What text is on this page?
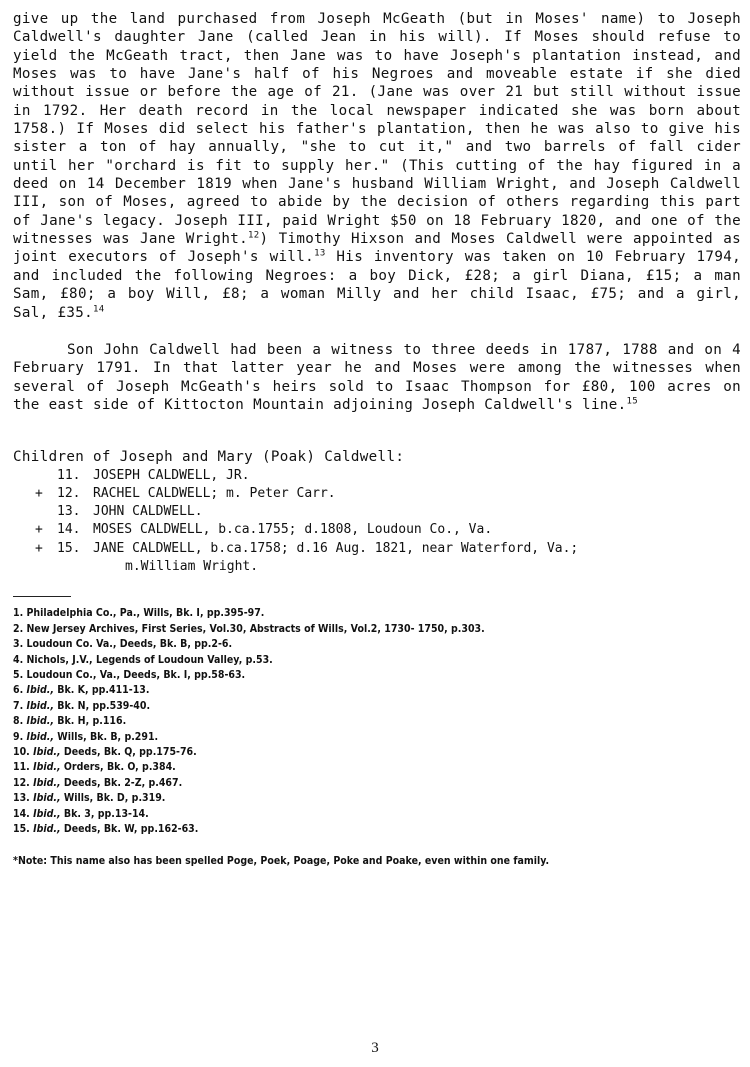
give up the land purchased from Joseph McGeath (but in Moses' name) to Joseph Caldwell's daughter Jane (called Jean in his will). If Moses should refuse to yield the McGeath tract, then Jane was to have Joseph's plantation instead, and Moses was to have Jane's half of his Negroes and moveable estate if she died without issue or before the age of 21. (Jane was over 21 but still without issue in 1792. Her death record in the local newspaper indicated she was born about 1758.) If Moses did select his father's plantation, then he was also to give his sister a ton of hay annually, "she to cut it," and two barrels of fall cider until her "orchard is fit to supply her." (This cutting of the hay figured in a deed on 14 December 1819 when Jane's husband William Wright, and Joseph Caldwell III, son of Moses, agreed to abide by the decision of others regarding this part of Jane's legacy. Joseph III, paid Wright $50 on 18 February 1820, and one of the witnesses was Jane Wright.$^{12}$) Timothy Hixson and Moses Caldwell were appointed as joint executors of Joseph's will.$^{13}$ His inventory was taken on 10 February 1794, and included the following Negroes: a boy Dick, £28; a girl Diana, £15; a man Sam, £80; a boy Will, £8; a woman Milly and her child Isaac, £75; and a girl, Sal, £35.14

Son John Caldwell had been a witness to three deeds in 1787, 1788 and on 4 February 1791. In that latter year he and Moses were among the witnesses when several of Joseph McGeath's heirs sold to Isaac Thompson for £80, 100 acres on the east side of Kittocton Mountain adjoining Joseph Caldwell's line.$^{15}$

Children of Joseph and Mary (Poak) Caldwell:
11. JOSEPH CALDWELL, JR.
+ 12. RACHEL CALDWELL; m. Peter Carr.
13. JOHN CALDWELL.
+ 14. MOSES CALDWELL, b.ca.1755; d.1808, Loudoun Co., Va.
+ 15. JANE CALDWELL, b.ca.1758; d.16 Aug. 1821, near Waterford, Va.;
m.William Wright.
1. Philadelphia Co., Pa., Wills, Bk. I, pp.395-97.
2. New Jersey Archives, First Series, Vol.30, Abstracts of Wills, Vol.2, 1730- 1750, p.303.
3. Loudoun Co. Va., Deeds, Bk. B, pp.2-6.
4. Nichols, J.V., Legends of Loudoun Valley, p.53.
5. Loudoun Co., Va., Deeds, Bk. I, pp.58-63.
6. Ibid., Bk. K, pp.411-13.
7. Ibid., Bk. N, pp.539-40.
8. Ibid., Bk. H, p.116.
9. Ibid., Wills, Bk. B, p.291.
10. Ibid., Deeds, Bk. Q, pp.175-76.
11. Ibid., Orders, Bk. O, p.384.
12. Ibid., Deeds, Bk. 2-Z, p.467.
13. Ibid., Wills, Bk. D, p.319.
14. Ibid., Bk. 3, pp.13-14.
15. Ibid., Deeds, Bk. W, pp.162-63.
*Note: This name also has been spelled Poge, Poek, Poage, Poke and Poake, even within one family.
3
